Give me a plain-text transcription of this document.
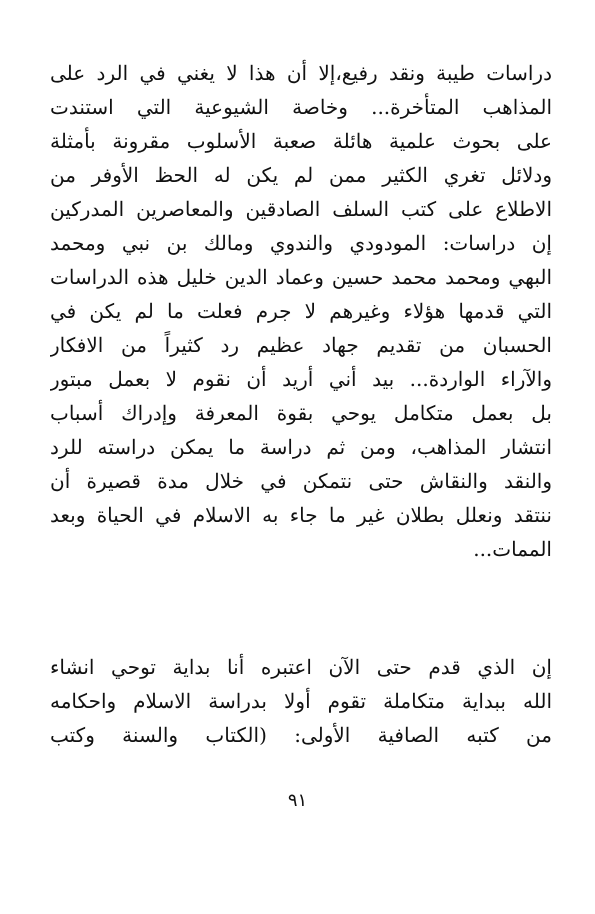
دراسات طيبة ونقد رفيع،إلا أن هذا لا يغني في الرد على
المذاهب المتأخرة... وخاصة الشيوعية التي استندت
على بحوث علمية هائلة صعبة الأسلوب مقرونة بأمثلة
ودلائل تغري الكثير ممن لم يكن له الحظ الأوفر من
الاطلاع على كتب السلف الصادقين والمعاصرين المدركين
إن دراسات: المودودي والندوي ومالك بن نبي ومحمد
البهي ومحمد محمد حسين وعماد الدين خليل هذه الدراسات
التي قدمها هؤلاء وغيرهم لا جرم فعلت ما لم يكن في
الحسبان من تقديم جهاد عظيم رد كثيراً من الافكار
والآراء الواردة... بيد أني أريد أن نقوم لا بعمل مبتور
بل بعمل متكامل يوحي بقوة المعرفة وإدراك أسباب
انتشار المذاهب، ومن ثم دراسة ما يمكن دراسته للرد
والنقد والنقاش حتى نتمكن في خلال مدة قصيرة أن
ننتقد ونعلل بطلان غير ما جاء به الاسلام في الحياة وبعد
الممات...
إن الذي قدم حتى الآن اعتبره أنا بداية توحي انشاء
الله ببداية متكاملة تقوم أولا بدراسة الاسلام واحكامه
من كتبه الصافية الأولى: (الكتاب والسنة وكتب
٩١
